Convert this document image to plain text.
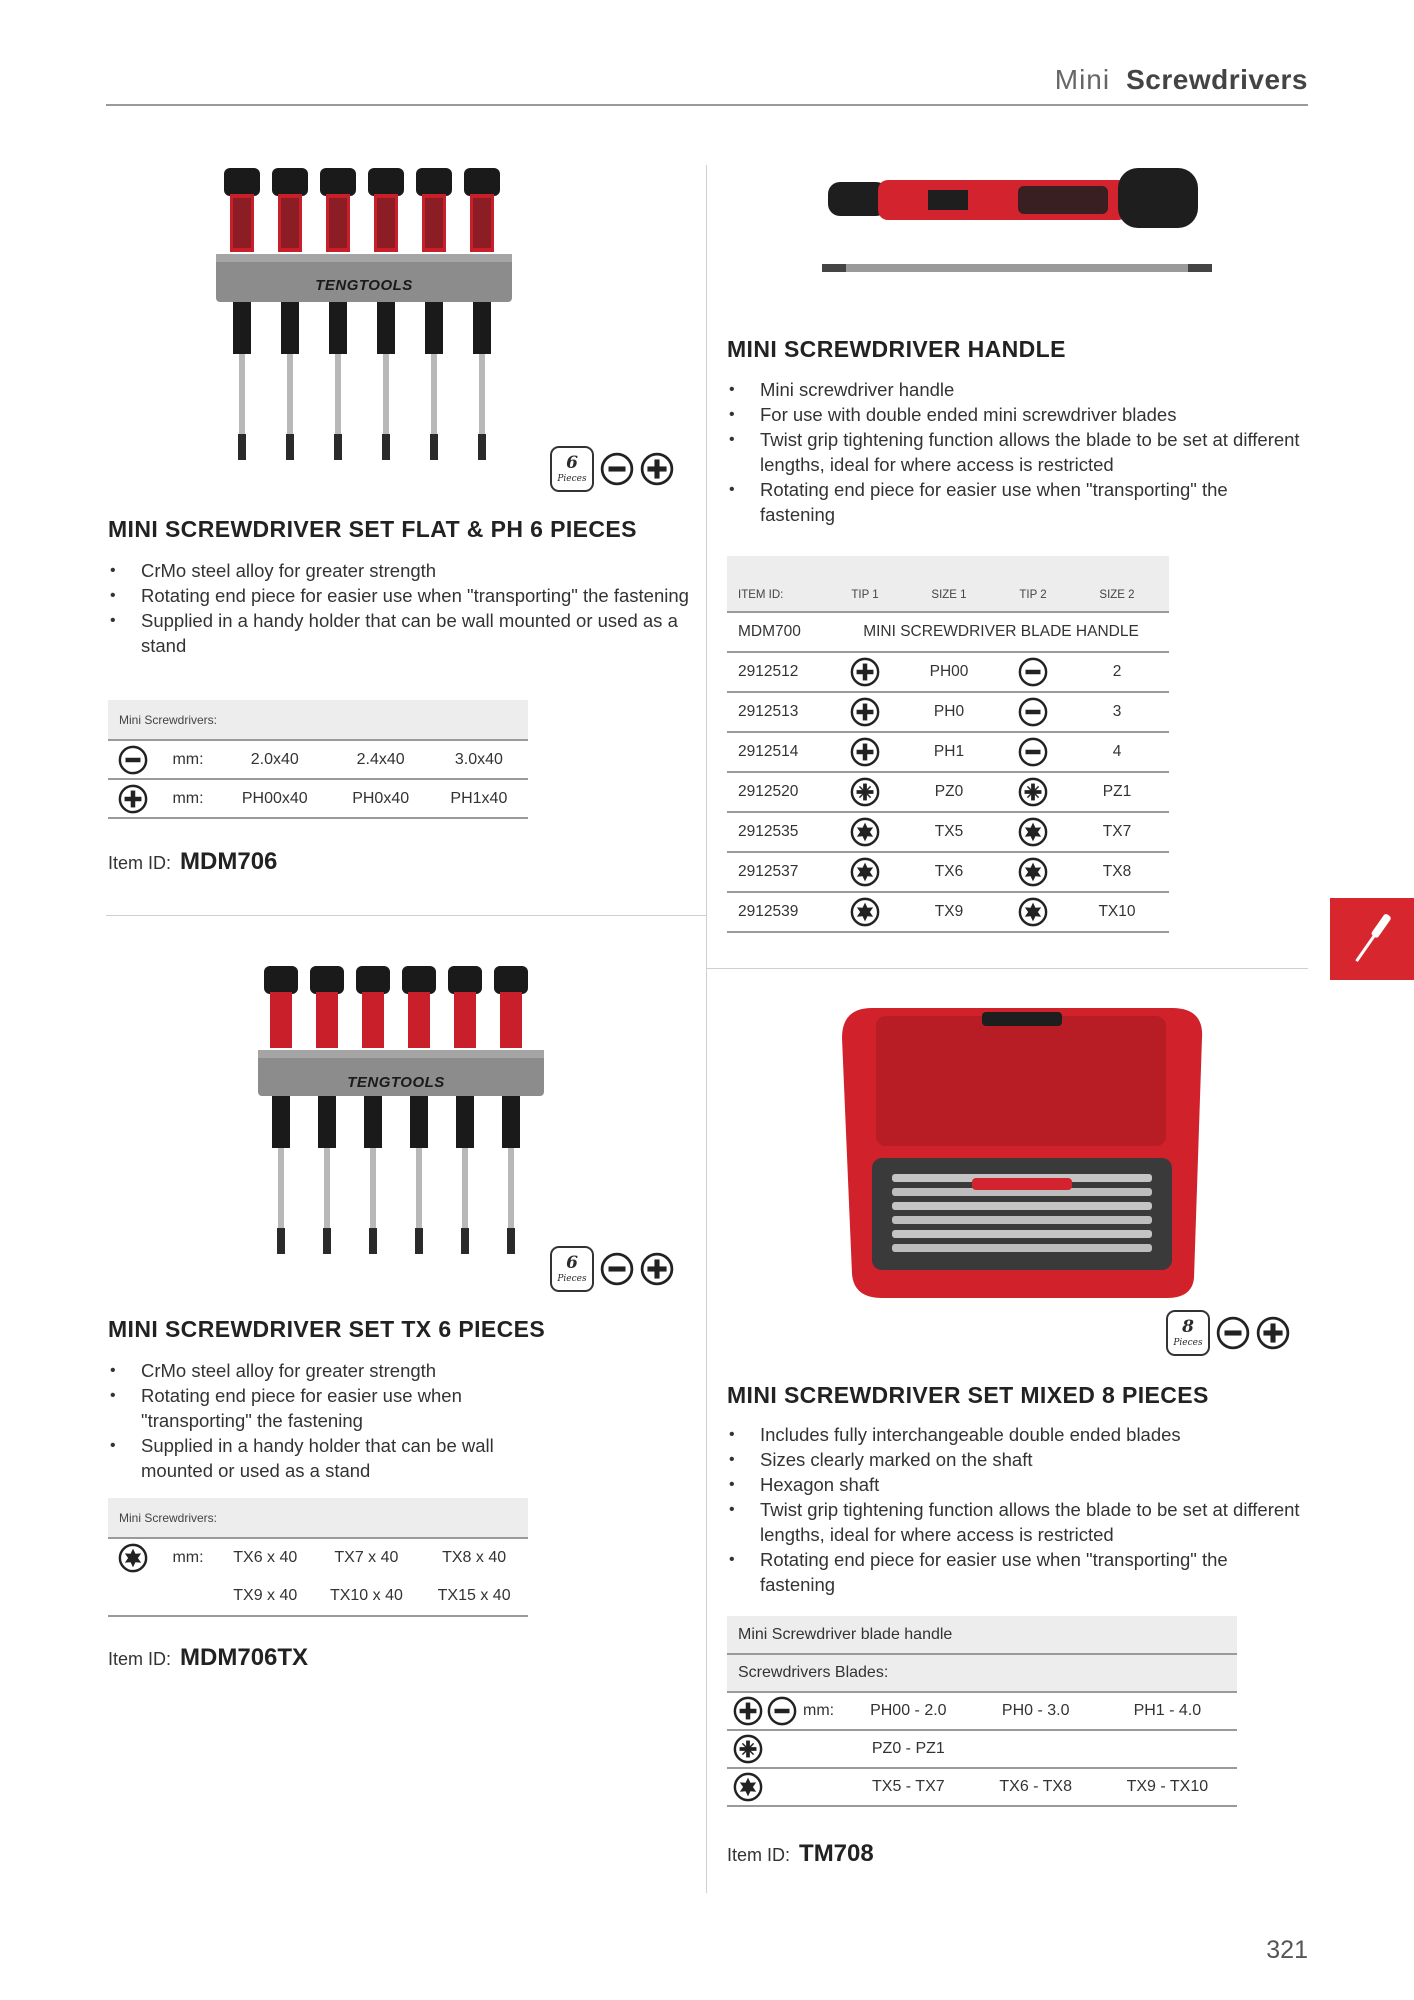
Mini Screwdrivers
TENGTOOLS
6
Pieces
MINI SCREWDRIVER SET FLAT & PH 6 PIECES
• CrMo steel alloy for greater strength
• Rotating end piece for easier use when "transporting" the fastening
• Supplied in a handy holder that can be wall mounted or used as a stand
Mini Screwdrivers:				

	mm:	2.0x40	2.4x40	3.0x40

	mm:	PH00x40	PH0x40	PH1x40
Item ID: MDM706
TENGTOOLS
6
Pieces
MINI SCREWDRIVER SET TX 6 PIECES
• CrMo steel alloy for greater strength
• Rotating end piece for easier use when "transporting" the fastening
• Supplied in a handy holder that can be wall mounted or used as a stand
Mini Screwdrivers:				

	mm:	TX6 x 40	TX7 x 40	TX8 x 40
		TX9 x 40	TX10 x 40	TX15 x 40
Item ID: MDM706TX
MINI SCREWDRIVER HANDLE
• Mini screwdriver handle
• For use with double ended mini screwdriver blades
• Twist grip tightening function allows the blade to be set at different lengths, ideal for where access is restricted
• Rotating end piece for easier use when "transporting" the fastening
ITEM ID:	TIP 1	SIZE 1	TIP 2	SIZE 2
MDM700	MINI SCREWDRIVER BLADE HANDLE			
2912512		PH00		2
2912513		PH0		3
2912514		PH1		4
2912520		PZ0		PZ1
2912535		TX5		TX7
2912537		TX6		TX8
2912539		TX9		TX10
8
Pieces
MINI SCREWDRIVER SET MIXED 8 PIECES
• Includes fully interchangeable double ended blades
• Sizes clearly marked on the shaft
• Hexagon shaft
• Twist grip tightening function allows the blade to be set at different lengths, ideal for where access is restricted
• Rotating end piece for easier use when "transporting" the fastening
Mini Screwdriver blade handle				
Screwdrivers Blades:				

	mm:	PH00 - 2.0	PH0 - 3.0	PH1 - 4.0

		PZ0 - PZ1		

		TX5 - TX7	TX6 - TX8	TX9 - TX10
Item ID: TM708
321
